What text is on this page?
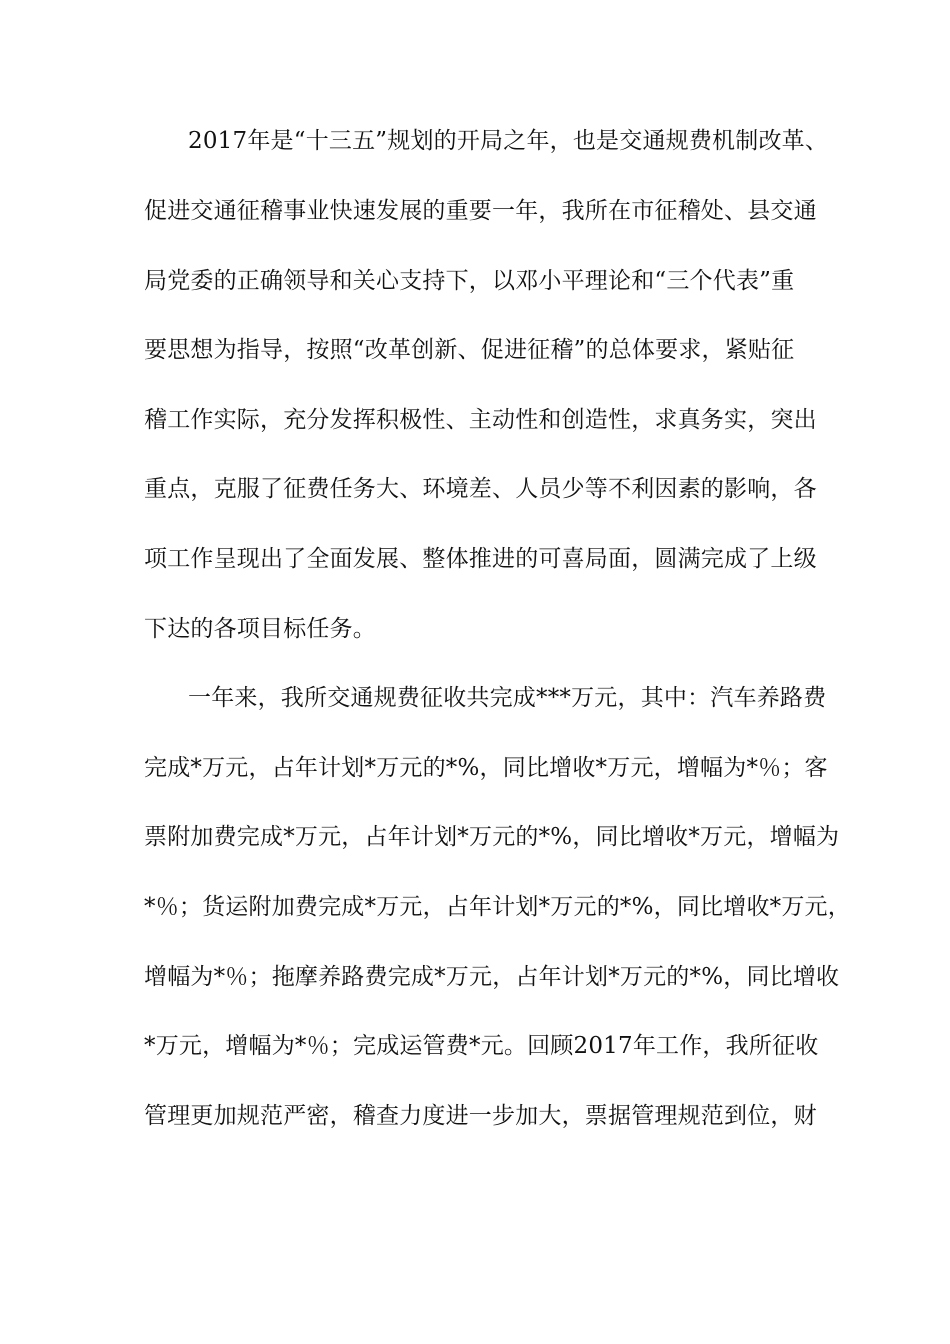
2017年是“十三五”规划的开局之年，也是交通规费机制改革、
促进交通征稽事业快速发展的重要一年，我所在市征稽处、县交通
局党委的正确领导和关心支持下，以邓小平理论和“三个代表”重
要思想为指导，按照“改革创新、促进征稽”的总体要求，紧贴征
稽工作实际，充分发挥积极性、主动性和创造性，求真务实，突出
重点，克服了征费任务大、环境差、人员少等不利因素的影响，各
项工作呈现出了全面发展、整体推进的可喜局面，圆满完成了上级
下达的各项目标任务。
一年来，我所交通规费征收共完成***万元，其中：汽车养路费
完成*万元，占年计划*万元的*%，同比增收*万元，增幅为*％；客
票附加费完成*万元，占年计划*万元的*%，同比增收*万元，增幅为
*％；货运附加费完成*万元，占年计划*万元的*%，同比增收*万元，
增幅为*％；拖摩养路费完成*万元，占年计划*万元的*%，同比增收
*万元，增幅为*％；完成运管费*元。回顾2017年工作，我所征收
管理更加规范严密，稽查力度进一步加大，票据管理规范到位，财
